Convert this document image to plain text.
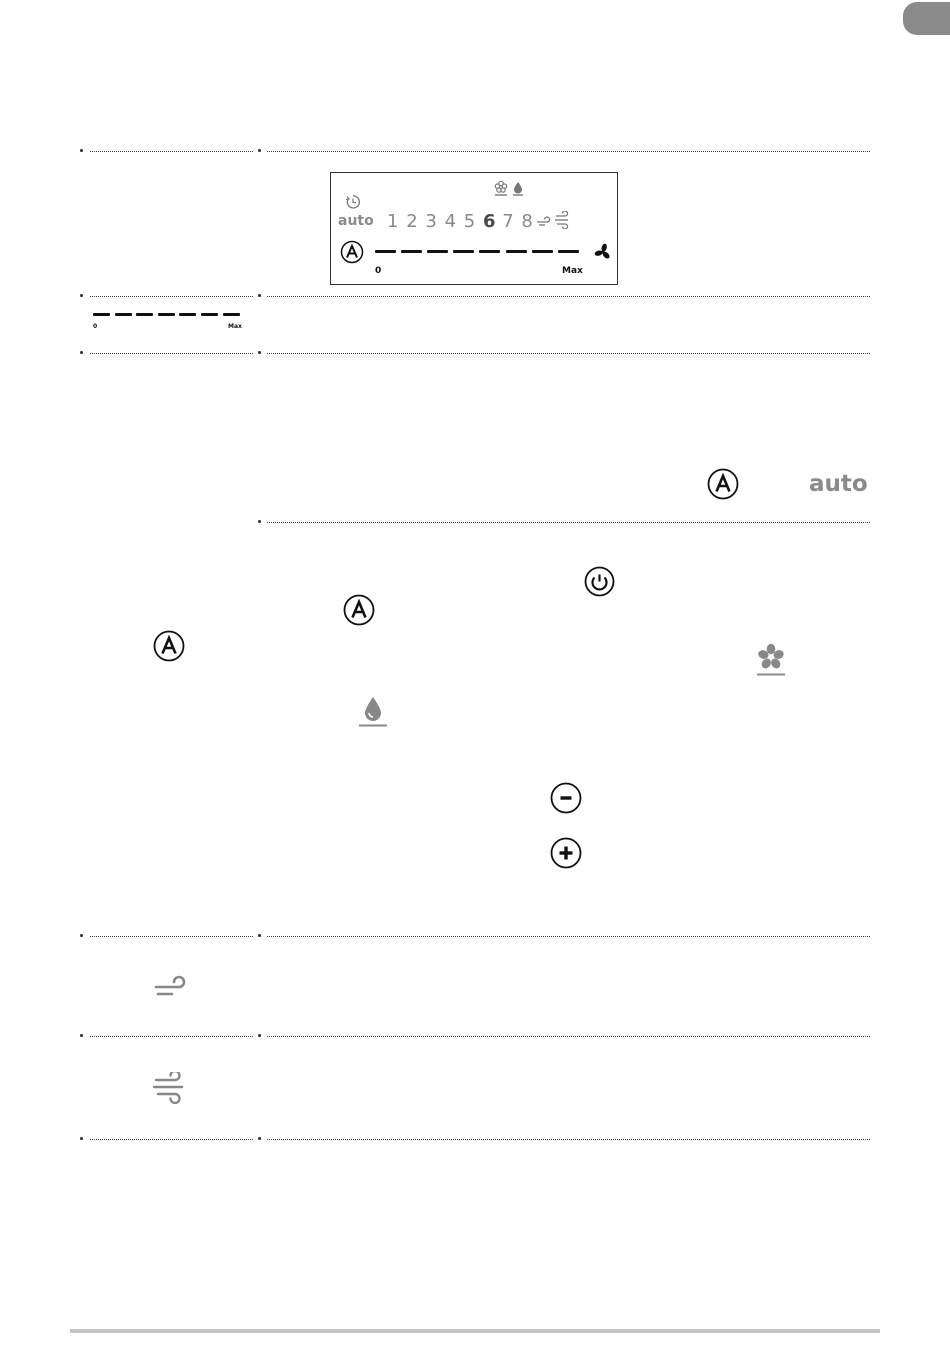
auto 1 2 3 4 5 6 7 8
0	Max
0	Max
auto
